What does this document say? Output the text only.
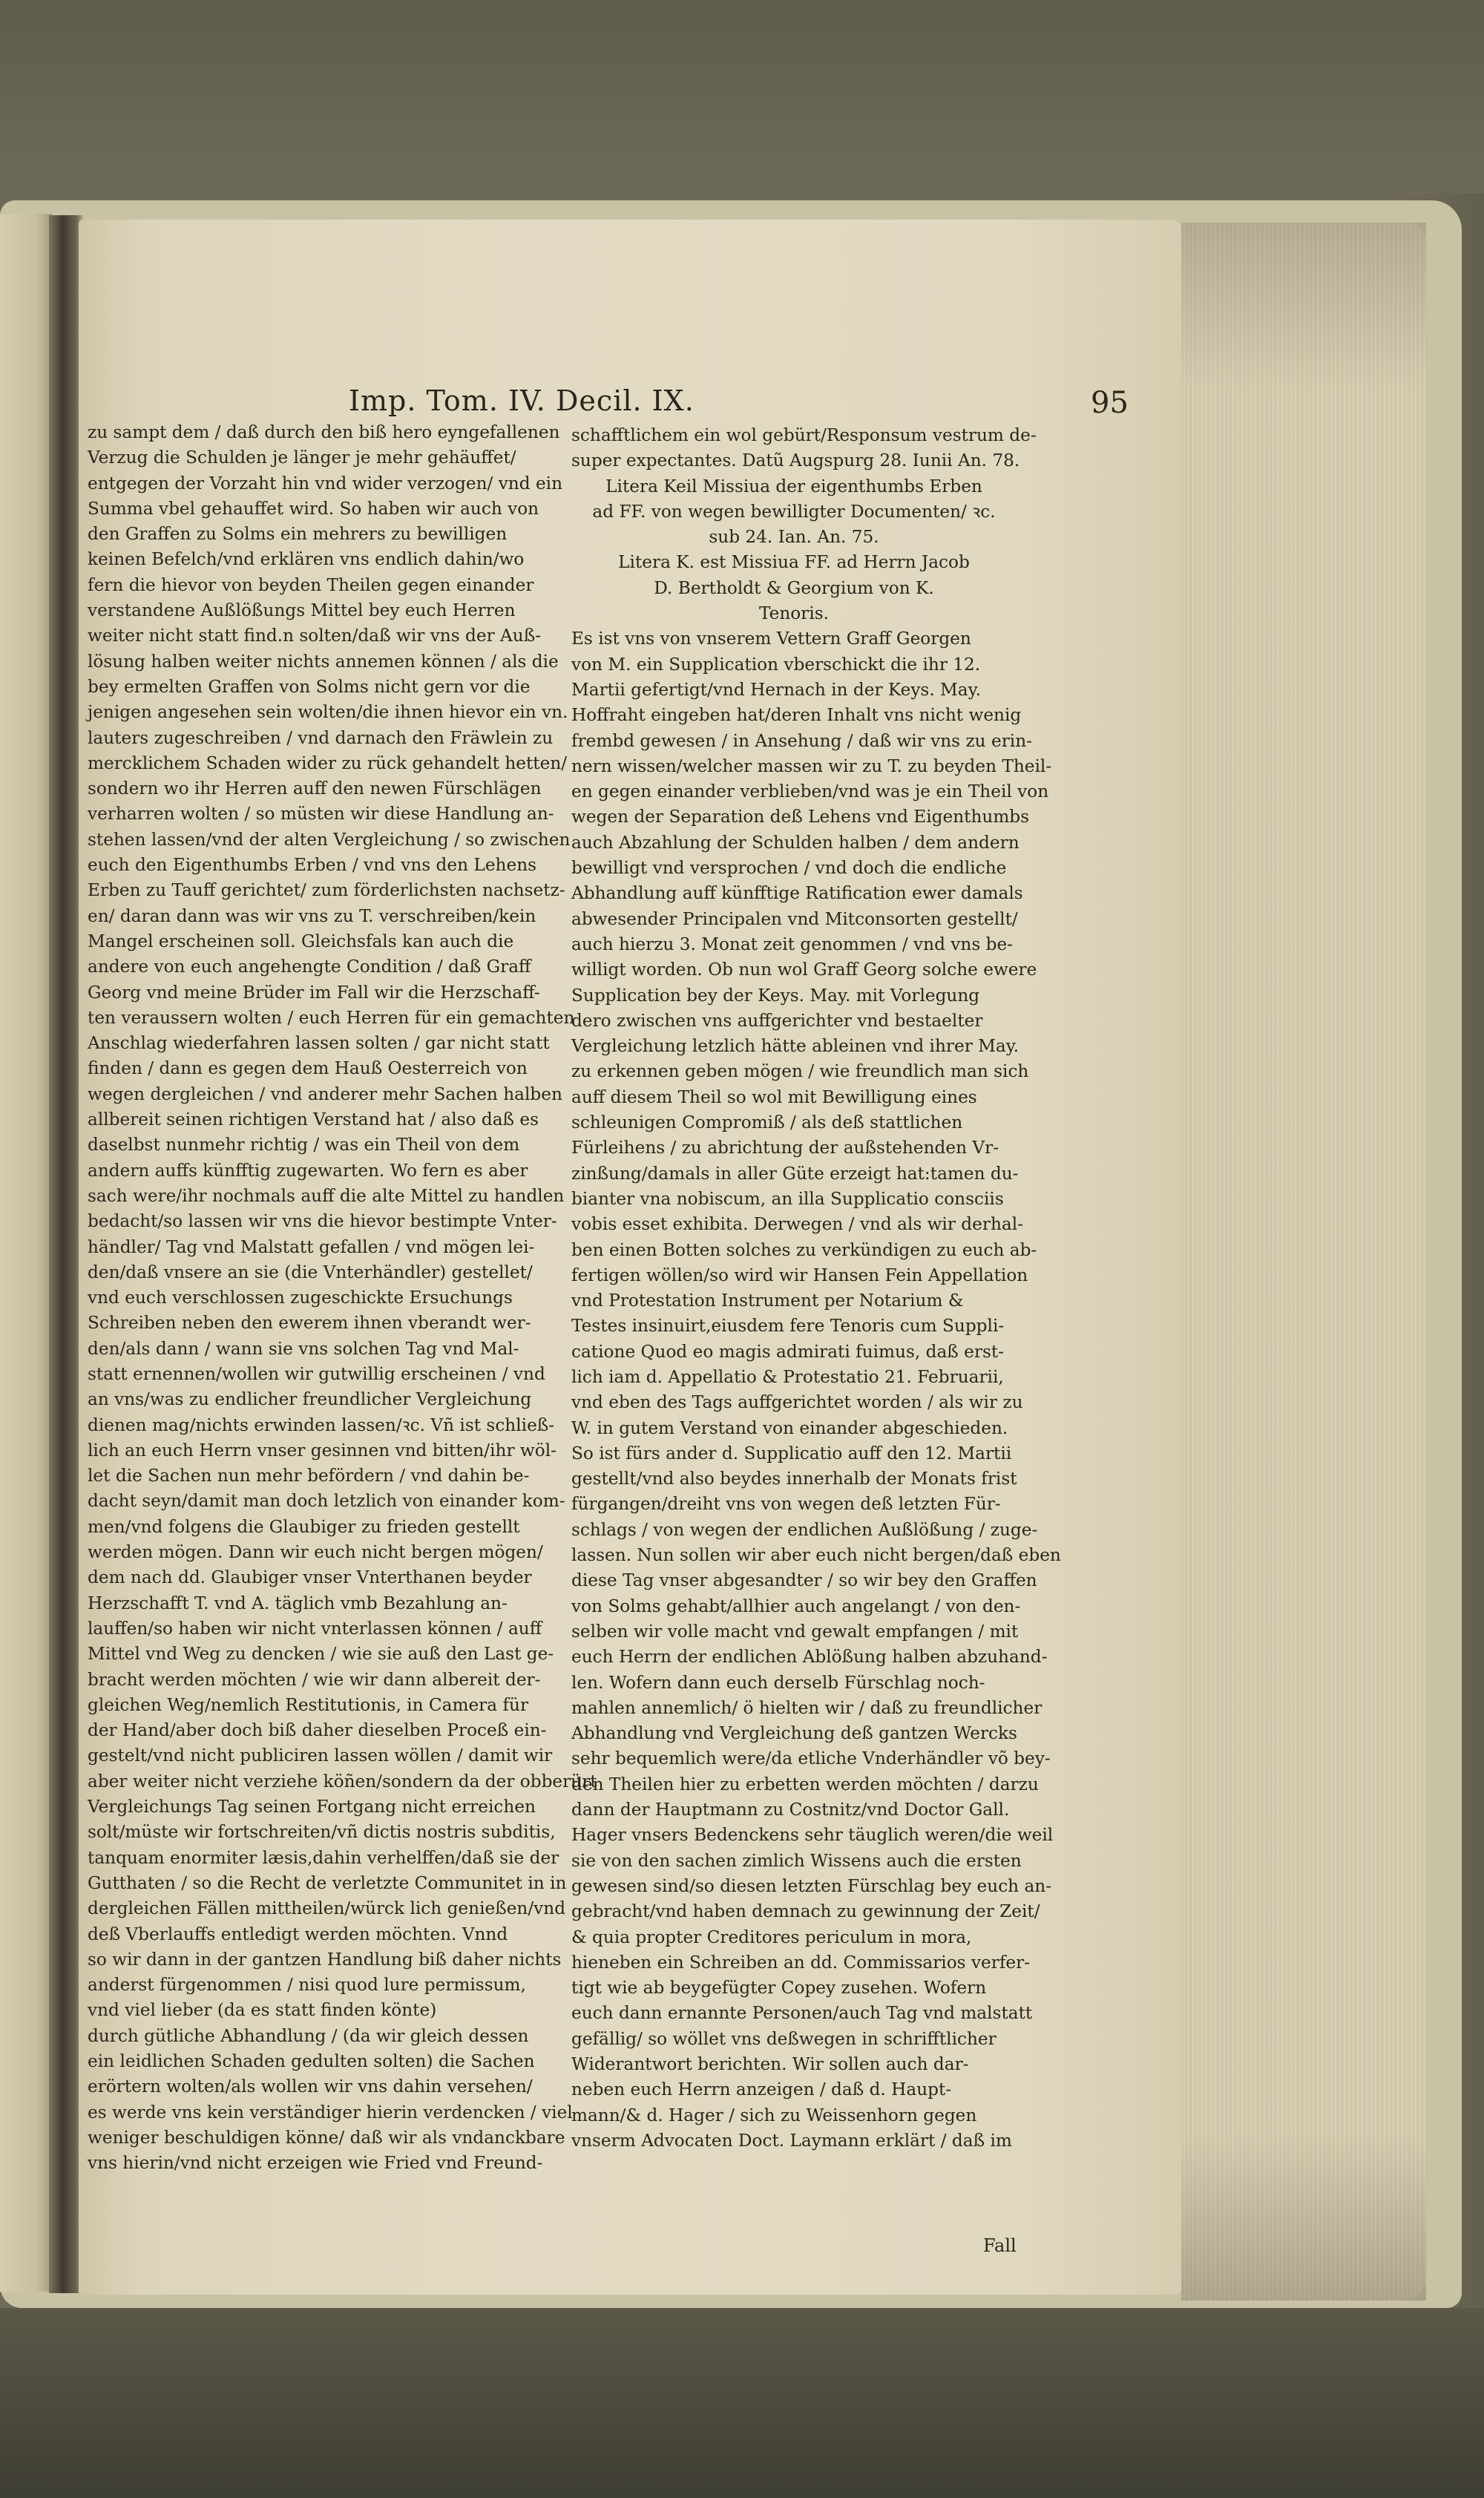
Imp. Tom. IV. Decil. IX.	95
zu sampt dem / daß durch den biß hero eyngefallenen
Verzug die Schulden je länger je mehr gehäuffet/
entgegen der Vorzaht hin vnd wider verzogen/ vnd ein
Summa vbel gehauffet wird. So haben wir auch von
den Graffen zu Solms ein mehrers zu bewilligen
keinen Befelch/vnd erklären vns endlich dahin/wo
fern die hievor von beyden Theilen gegen einander
verstandene Außlößungs Mittel bey euch Herren
weiter nicht statt find.n solten/daß wir vns der Auß-
lösung halben weiter nichts annemen können / als die
bey ermelten Graffen von Solms nicht gern vor die
jenigen angesehen sein wolten/die ihnen hievor ein vn.
lauters zugeschreiben / vnd darnach den Fräwlein zu
mercklichem Schaden wider zu rück gehandelt hetten/
sondern wo ihr Herren auff den newen Fürschlägen
verharren wolten / so müsten wir diese Handlung an-
stehen lassen/vnd der alten Vergleichung / so zwischen
euch den Eigenthumbs Erben / vnd vns den Lehens
Erben zu Tauff gerichtet/ zum förderlichsten nachsetz-
en/ daran dann was wir vns zu T. verschreiben/kein
Mangel erscheinen soll. Gleichsfals kan auch die
andere von euch angehengte Condition / daß Graff
Georg vnd meine Brüder im Fall wir die Herzschaff-
ten veraussern wolten / euch Herren für ein gemachten
Anschlag wiederfahren lassen solten / gar nicht statt
finden / dann es gegen dem Hauß Oesterreich von
wegen dergleichen / vnd anderer mehr Sachen halben
allbereit seinen richtigen Verstand hat / also daß es
daselbst nunmehr richtig / was ein Theil von dem
andern auffs künfftig zugewarten. Wo fern es aber
sach were/ihr nochmals auff die alte Mittel zu handlen
bedacht/so lassen wir vns die hievor bestimpte Vnter-
händler/ Tag vnd Malstatt gefallen / vnd mögen lei-
den/daß vnsere an sie (die Vnterhändler) gestellet/
vnd euch verschlossen zugeschickte Ersuchungs
Schreiben neben den ewerem ihnen vberandt wer-
den/als dann / wann sie vns solchen Tag vnd Mal-
statt ernennen/wollen wir gutwillig erscheinen / vnd
an vns/was zu endlicher freundlicher Vergleichung
dienen mag/nichts erwinden lassen/ꝛc. Vñ ist schließ-
lich an euch Herrn vnser gesinnen vnd bitten/ihr wöl-
let die Sachen nun mehr befördern / vnd dahin be-
dacht seyn/damit man doch letzlich von einander kom-
men/vnd folgens die Glaubiger zu frieden gestellt
werden mögen. Dann wir euch nicht bergen mögen/
dem nach dd. Glaubiger vnser Vnterthanen beyder
Herzschafft T. vnd A. täglich vmb Bezahlung an-
lauffen/so haben wir nicht vnterlassen können / auff
Mittel vnd Weg zu dencken / wie sie auß den Last ge-
bracht werden möchten / wie wir dann albereit der-
gleichen Weg/nemlich Restitutionis, in Camera für
der Hand/aber doch biß daher dieselben Proceß ein-
gestelt/vnd nicht publiciren lassen wöllen / damit wir
aber weiter nicht verziehe köñen/sondern da der obberürt
Vergleichungs Tag seinen Fortgang nicht erreichen
solt/müste wir fortschreiten/vñ dictis nostris subditis,
tanquam enormiter læsis,dahin verhelffen/daß sie der
Gutthaten / so die Recht de verletzte Communitet in in
dergleichen Fällen mittheilen/würck lich genießen/vnd
deß Vberlauffs entledigt werden möchten. Vnnd
so wir dann in der gantzen Handlung biß daher nichts
anderst fürgenommen / nisi quod lure permissum,
vnd viel lieber (da es statt finden könte)
durch gütliche Abhandlung / (da wir gleich dessen
ein leidlichen Schaden gedulten solten) die Sachen
erörtern wolten/als wollen wir vns dahin versehen/
es werde vns kein verständiger hierin verdencken / viel
weniger beschuldigen könne/ daß wir als vndanckbare
vns hierin/vnd nicht erzeigen wie Fried vnd Freund-
schafftlichem ein wol gebürt/Responsum vestrum de-
super expectantes. Datũ Augspurg 28. Iunii An. 78.
Litera Keil Missiua der eigenthumbs Erben
ad FF. von wegen bewilligter Documenten/ ꝛc.
sub 24. Ian. An. 75.
Litera K. est Missiua FF. ad Herrn Jacob
D. Bertholdt & Georgium von K.
Tenoris.
Es ist vns von vnserem Vettern Graff Georgen
von M. ein Supplication vberschickt die ihr 12.
Martii gefertigt/vnd Hernach in der Keys. May.
Hoffraht eingeben hat/deren Inhalt vns nicht wenig
frembd gewesen / in Ansehung / daß wir vns zu erin-
nern wissen/welcher massen wir zu T. zu beyden Theil-
en gegen einander verblieben/vnd was je ein Theil von
wegen der Separation deß Lehens vnd Eigenthumbs
auch Abzahlung der Schulden halben / dem andern
bewilligt vnd versprochen / vnd doch die endliche
Abhandlung auff künfftige Ratification ewer damals
abwesender Principalen vnd Mitconsorten gestellt/
auch hierzu 3. Monat zeit genommen / vnd vns be-
willigt worden. Ob nun wol Graff Georg solche ewere
Supplication bey der Keys. May. mit Vorlegung
dero zwischen vns auffgerichter vnd bestaelter
Vergleichung letzlich hätte ableinen vnd ihrer May.
zu erkennen geben mögen / wie freundlich man sich
auff diesem Theil so wol mit Bewilligung eines
schleunigen Compromiß / als deß stattlichen
Fürleihens / zu abrichtung der außstehenden Vr-
zinßung/damals in aller Güte erzeigt hat:tamen du-
bianter vna nobiscum, an illa Supplicatio consciis
vobis esset exhibita. Derwegen / vnd als wir derhal-
ben einen Botten solches zu verkündigen zu euch ab-
fertigen wöllen/so wird wir Hansen Fein Appellation
vnd Protestation Instrument per Notarium &
Testes insinuirt,eiusdem fere Tenoris cum Suppli-
catione Quod eo magis admirati fuimus, daß erst-
lich iam d. Appellatio & Protestatio 21. Februarii,
vnd eben des Tags auffgerichtet worden / als wir zu
W. in gutem Verstand von einander abgeschieden.
So ist fürs ander d. Supplicatio auff den 12. Martii
gestellt/vnd also beydes innerhalb der Monats frist
fürgangen/dreiht vns von wegen deß letzten Für-
schlags / von wegen der endlichen Außlößung / zuge-
lassen. Nun sollen wir aber euch nicht bergen/daß eben
diese Tag vnser abgesandter / so wir bey den Graffen
von Solms gehabt/allhier auch angelangt / von den-
selben wir volle macht vnd gewalt empfangen / mit
euch Herrn der endlichen Ablößung halben abzuhand-
len. Wofern dann euch derselb Fürschlag noch-
mahlen annemlich/ ö hielten wir / daß zu freundlicher
Abhandlung vnd Vergleichung deß gantzen Wercks
sehr bequemlich were/da etliche Vnderhändler võ bey-
den Theilen hier zu erbetten werden möchten / darzu
dann der Hauptmann zu Costnitz/vnd Doctor Gall.
Hager vnsers Bedenckens sehr täuglich weren/die weil
sie von den sachen zimlich Wissens auch die ersten
gewesen sind/so diesen letzten Fürschlag bey euch an-
gebracht/vnd haben demnach zu gewinnung der Zeit/
& quia propter Creditores periculum in mora,
hieneben ein Schreiben an dd. Commissarios verfer-
tigt wie ab beygefügter Copey zusehen. Wofern
euch dann ernannte Personen/auch Tag vnd malstatt
gefällig/ so wöllet vns deßwegen in schrifftlicher
Widerantwort berichten. Wir sollen auch dar-
neben euch Herrn anzeigen / daß d. Haupt-
mann/& d. Hager / sich zu Weissenhorn gegen
vnserm Advocaten Doct. Laymann erklärt / daß im
Fall
